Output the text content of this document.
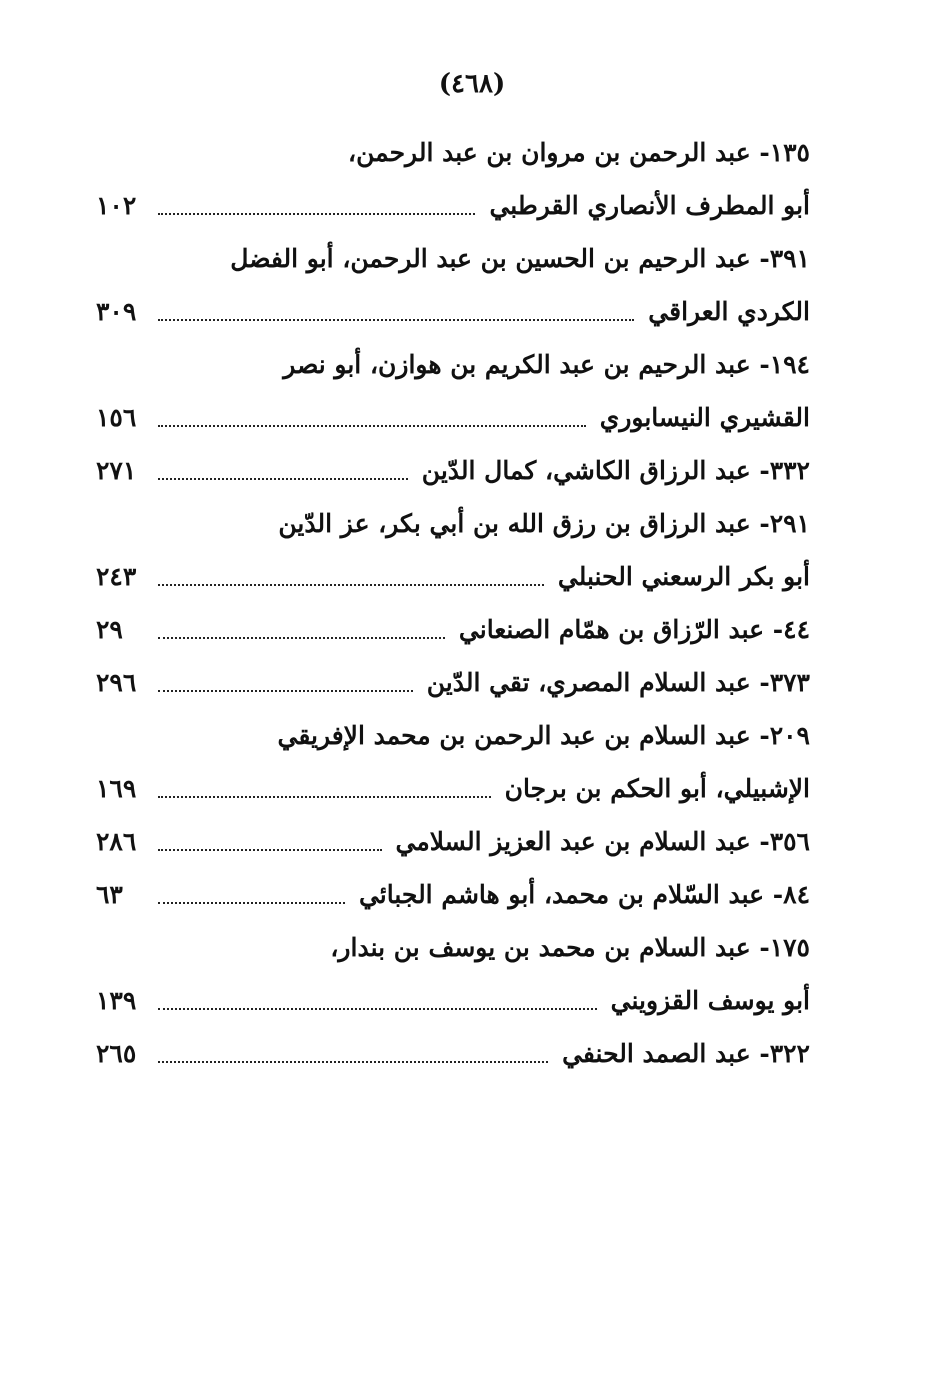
(٤٦٨)
١٣٥- عبد الرحمن بن مروان بن عبد الرحمن،
أبو المطرف الأنصاري القرطبي
١٠٢
٣٩١- عبد الرحيم بن الحسين بن عبد الرحمن، أبو الفضل
الكردي العراقي
٣٠٩
١٩٤- عبد الرحيم بن عبد الكريم بن هوازن، أبو نصر
القشيري النيسابوري
١٥٦
٣٣٢- عبد الرزاق الكاشي، كمال الدّين
٢٧١
٢٩١- عبد الرزاق بن رزق الله بن أبي بكر، عز الدّين
أبو بكر الرسعني الحنبلي
٢٤٣
٤٤- عبد الرّزاق بن همّام الصنعاني
٢٩
٣٧٣- عبد السلام المصري، تقي الدّين
٢٩٦
٢٠٩- عبد السلام بن عبد الرحمن بن محمد الإفريقي
الإشبيلي، أبو الحكم بن برجان
١٦٩
٣٥٦- عبد السلام بن عبد العزيز السلامي
٢٨٦
٨٤- عبد السّلام بن محمد، أبو هاشم الجبائي
٦٣
١٧٥- عبد السلام بن محمد بن يوسف بن بندار،
أبو يوسف القزويني
١٣٩
٣٢٢- عبد الصمد الحنفي
٢٦٥
